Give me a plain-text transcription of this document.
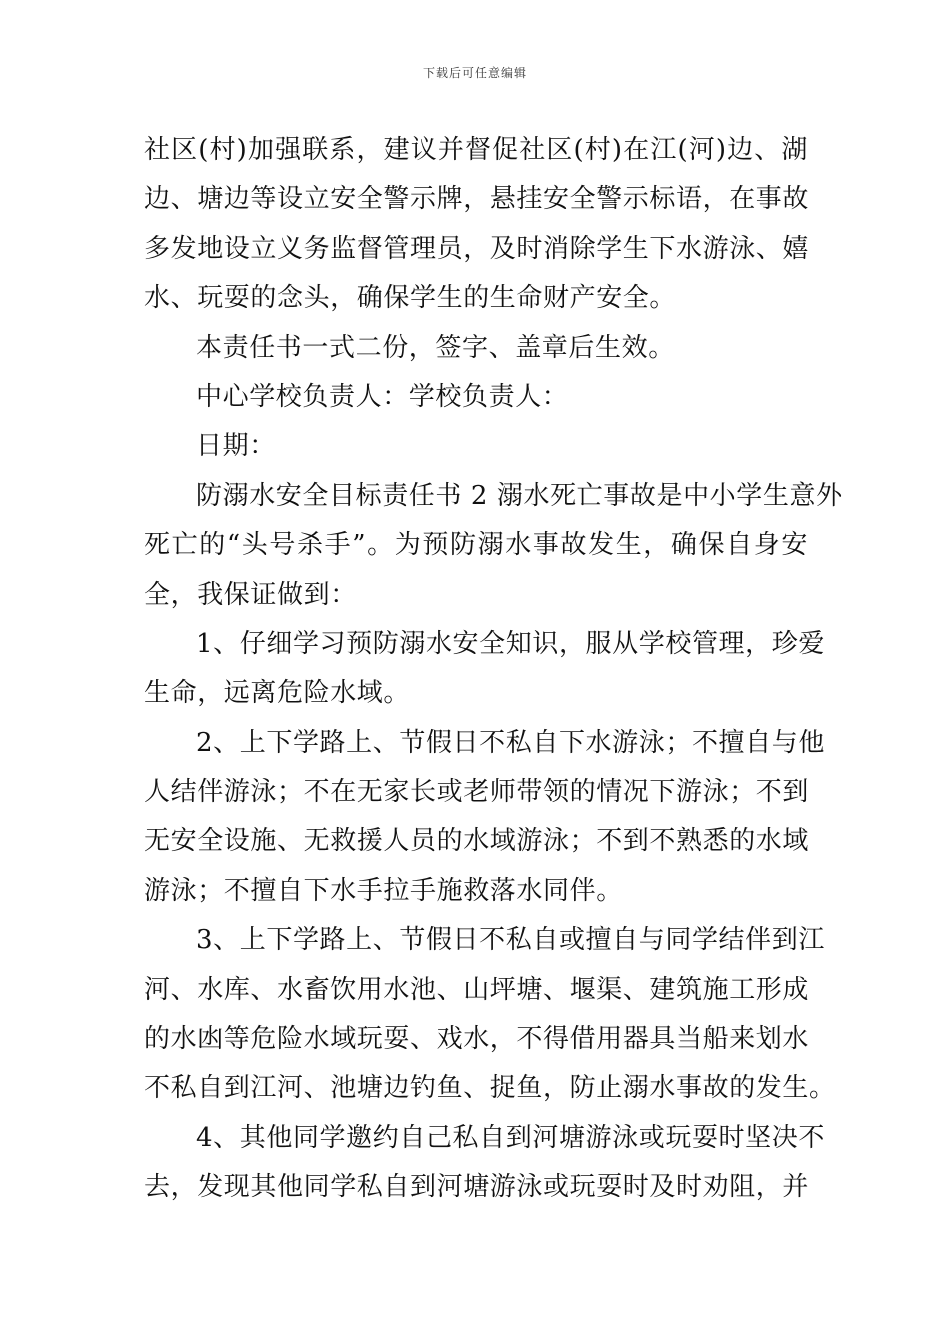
下载后可任意编辑
社区(村)加强联系，建议并督促社区(村)在江(河)边、湖
边、塘边等设立安全警示牌，悬挂安全警示标语，在事故
多发地设立义务监督管理员，及时消除学生下水游泳、嬉
水、玩耍的念头，确保学生的生命财产安全。
本责任书一式二份，签字、盖章后生效。
中心学校负责人：学校负责人：
日期：
防溺水安全目标责任书 2 溺水死亡事故是中小学生意外
死亡的“头号杀手”。为预防溺水事故发生，确保自身安
全，我保证做到：
1、仔细学习预防溺水安全知识，服从学校管理，珍爱
生命，远离危险水域。
2、上下学路上、节假日不私自下水游泳；不擅自与他
人结伴游泳；不在无家长或老师带领的情况下游泳；不到
无安全设施、无救援人员的水域游泳；不到不熟悉的水域
游泳；不擅自下水手拉手施救落水同伴。
3、上下学路上、节假日不私自或擅自与同学结伴到江
河、水库、水畜饮用水池、山坪塘、堰渠、建筑施工形成
的水凼等危险水域玩耍、戏水，不得借用器具当船来划水
不私自到江河、池塘边钓鱼、捉鱼，防止溺水事故的发生。
4、其他同学邀约自己私自到河塘游泳或玩耍时坚决不
去，发现其他同学私自到河塘游泳或玩耍时及时劝阻，并
